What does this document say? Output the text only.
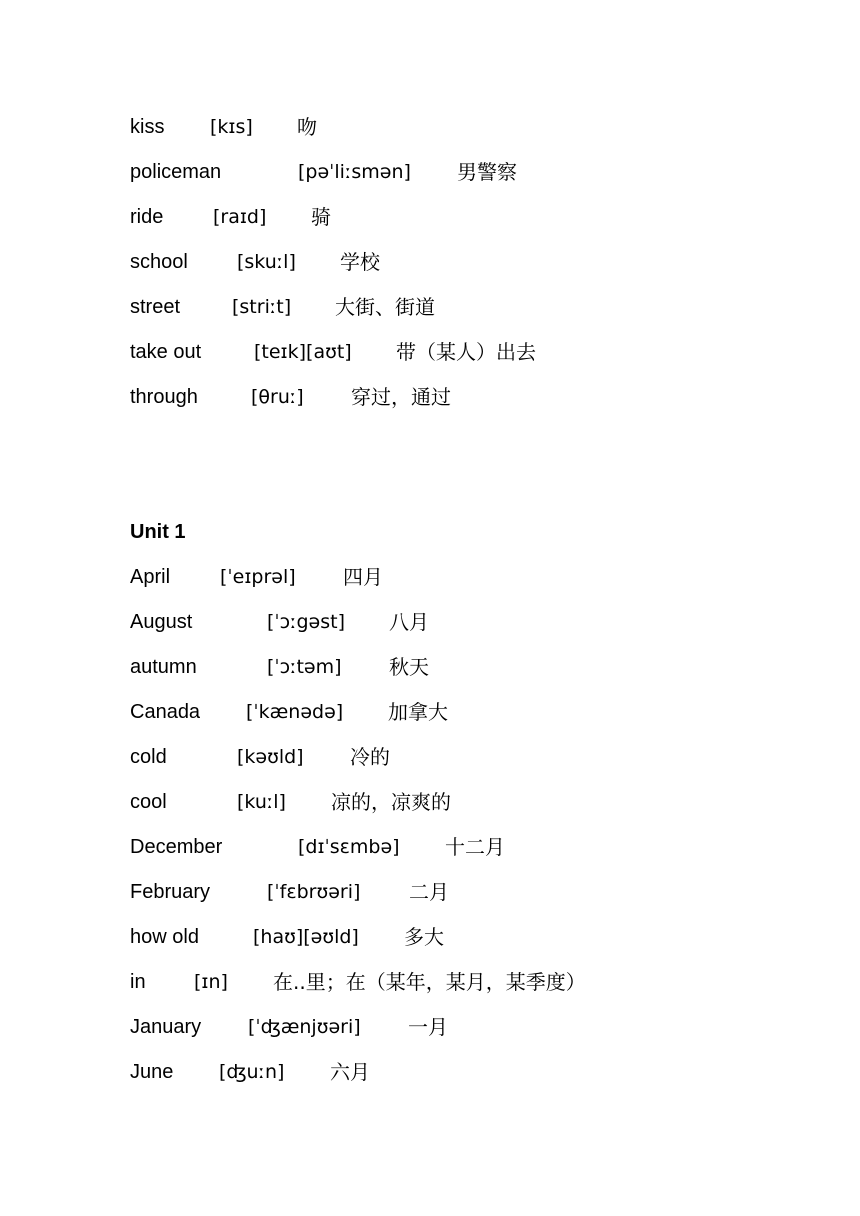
kiss [kɪs] 吻
policeman	[pəˈliːsmən] 男警察
ride	[raɪd] 骑
school	[skuːl] 学校
street	[striːt] 大街、街道
take out	[teɪk][aʊt] 带（某人）出去
through	[θruː] 穿过，通过
Unit 1
April	[ˈeɪprəl] 四月
August	[ˈɔːgəst] 八月
autumn	[ˈɔːtəm] 秋天
Canada [ˈkænədə] 加拿大
cold	[kəʊld] 冷的
cool	[kuːl] 凉的，凉爽的
December	[dɪˈsɛmbə] 十二月
February	[ˈfɛbrʊəri] 二月
how old	[haʊ][əʊld] 多大
in	[ɪn] 在..里；在（某年，某月，某季度）
January [ˈʤænjʊəri] 一月
June [ʤuːn] 六月
